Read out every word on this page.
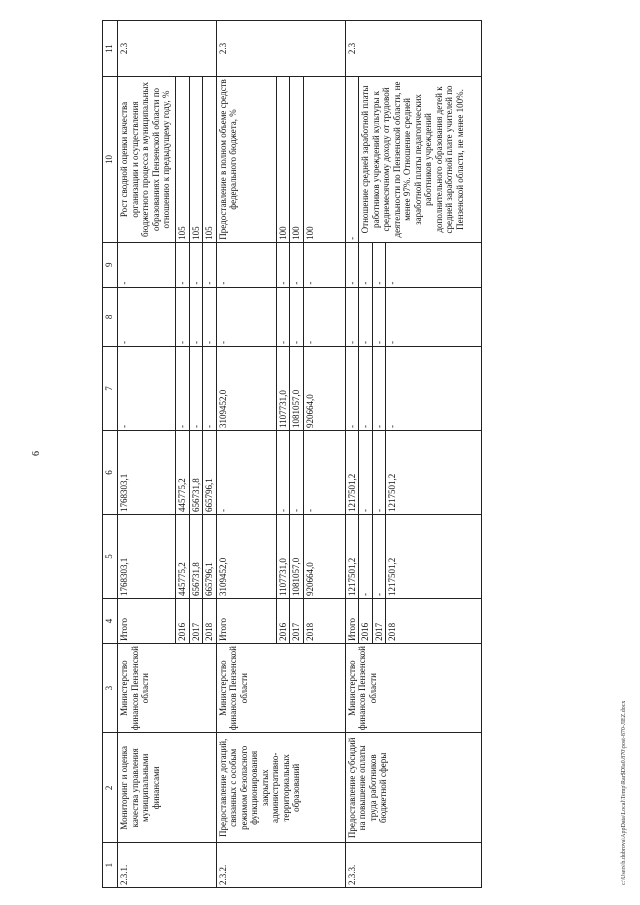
6
c:\Users\b.dubrova\AppData\Local\Temp\Rar$DIa0.870\post-870-ЛEZ.docx
1	2	3	4	5	6	7	8	9	10	11
2.3.1.	Мониторинг и оценка качества управления муниципальными финансами	Министерство финансов Пензенской области	Итого	1768303,1	1768303,1	-	-	-	Рост сводной оценки качества организации и осуществления бюджетного процесса в муниципальных образованиях Пензенской области по отношению к предыдущему году, %	2.3
			2016	445775,2	445775,2	-	-	-	105	
			2017	656731,8	656731,8	-	-	-	105	
			2018	665796,1	665796,1	-	-	-	105	
2.3.2.	Предоставление дотаций, связанных с особым режимом безопасного функционирования закрытых административно-территориальных образований	Министерство финансов Пензенской области	Итого	3109452,0	-	3109452,0	-	-	Предоставление в полном объеме средств федерального бюджета, %	2.3
			2016	1107731,0	-	1107731,0	-	-	100	
			2017	1081057,0	-	1081057,0	-	-	100	
			2018	920664,0	-	920664,0	-	-	100	
2.3.3.	Предоставление субсидий на повышение оплаты труда работников бюджетной сферы	Министерство финансов Пензенской области	Итого	1217501,2	1217501,2	-	-	-	-	2.3
			2016	-	-	-	-	-	Отношение средней заработной платы работников учреждений культуры к среднемесячному доходу от трудовой деятельности по Пензенской области, не менее 97%. Отношение средней заработной платы педагогических работников учреждений дополнительного образования детей к средней заработной плате учителей по Пензенской области, не менее 100%.	
			2017	-	-	-	-	-		
			2018	1217501,2	1217501,2	-	-	-		
